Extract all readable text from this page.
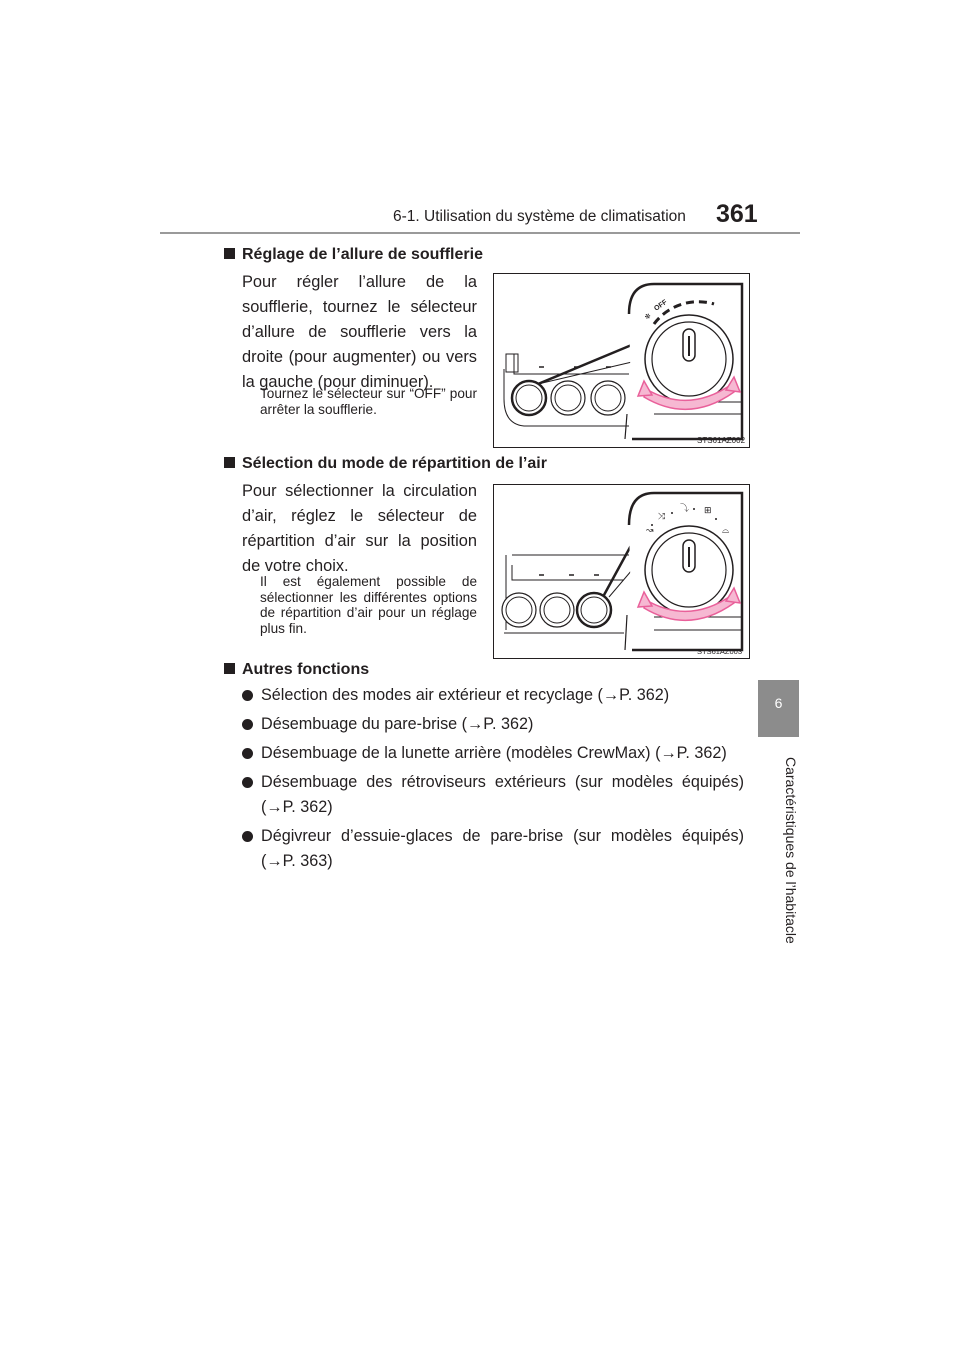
6-1. Utilisation du système de climatisation 361
6
Caractéristiques de l’habitacle
Réglage de l’allure de soufflerie
Pour régler l’allure de la soufflerie, tournez le sélecteur d’allure de soufflerie vers la droite (pour augmenter) ou vers la gauche (pour diminuer).
Tournez le sélecteur sur “OFF” pour arrêter la soufflerie.
✻
OFF
STS61AZ002
Sélection du mode de répartition de l’air
Pour sélectionner la circulation d’air, réglez le sélecteur de répartition d’air sur la position de votre choix.
Il est également possible de sélectionner les différentes options de répartition d’air pour un réglage plus fin.
↝
⤨
⤵ ⊞
⌓
STS61AZ003
Autres fonctions
Sélection des modes air extérieur et recyclage (→P. 362)
Désembuage du pare-brise (→P. 362)
Désembuage de la lunette arrière (modèles CrewMax) (→P. 362)
Désembuage des rétroviseurs extérieurs (sur modèles équipés) (→P. 362)
Dégivreur d’essuie-glaces de pare-brise (sur modèles équipés) (→P. 363)
